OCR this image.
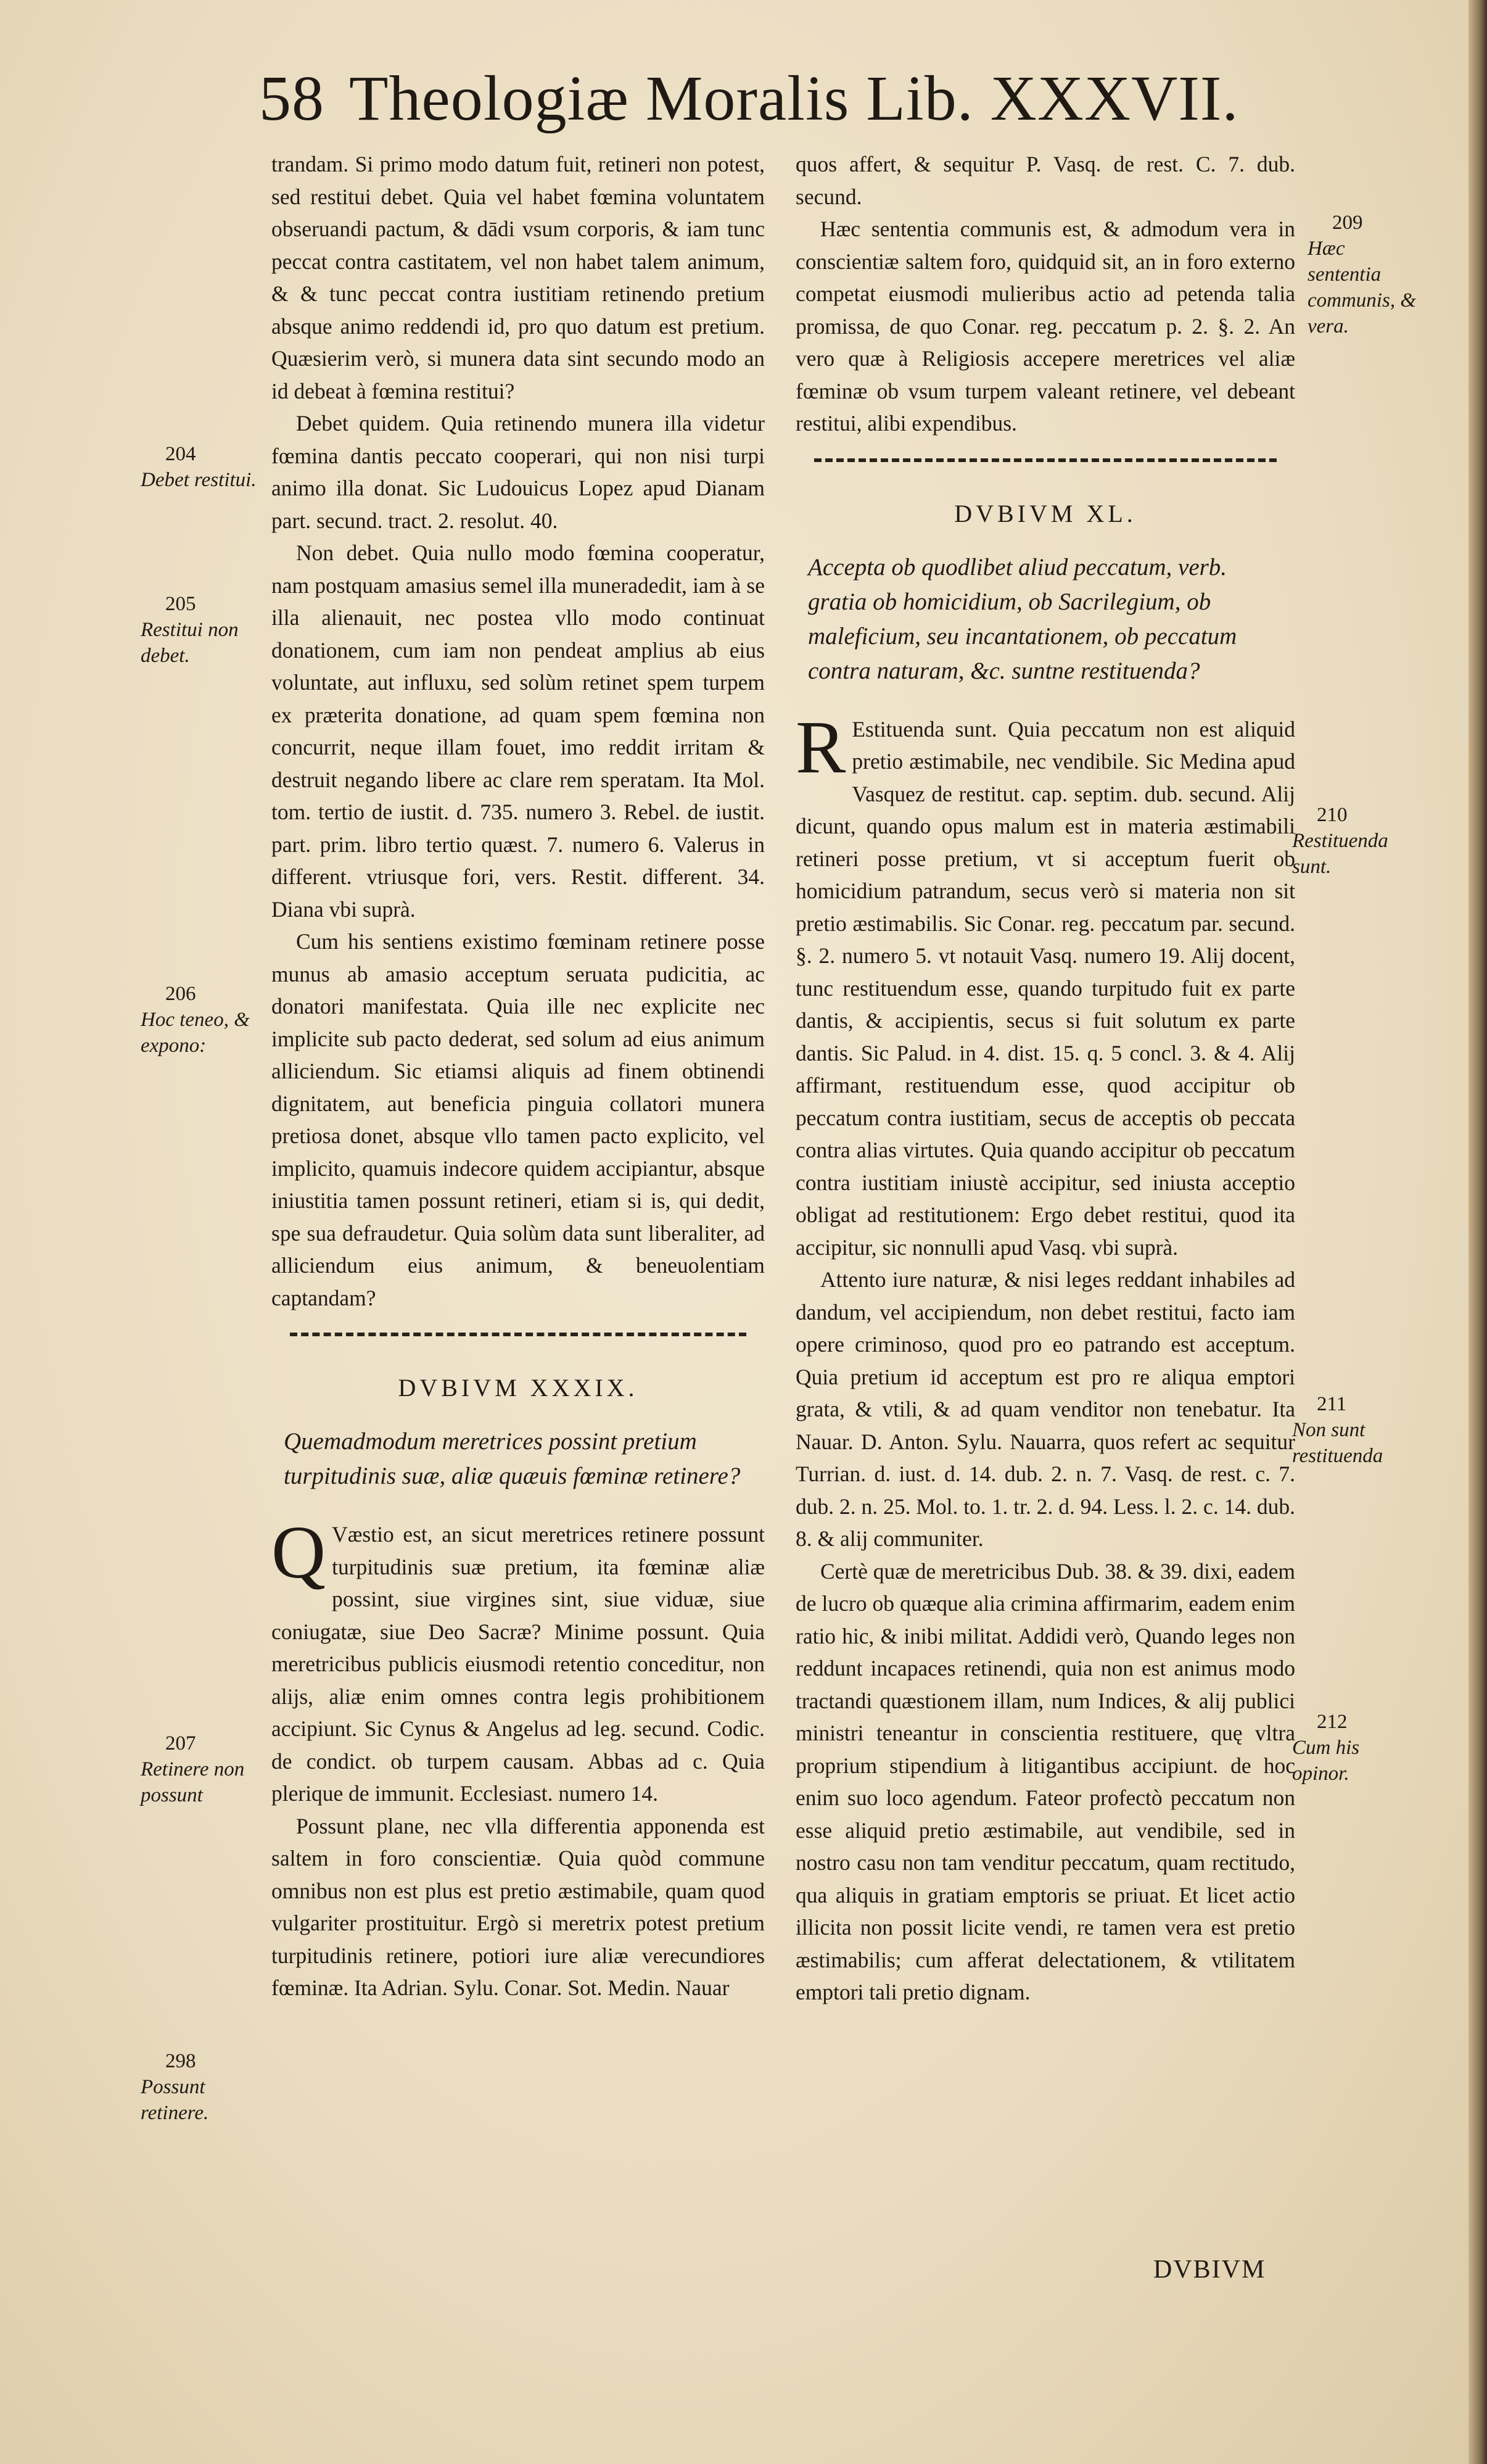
58 Theologiæ Moralis Lib. XXXVII.
204
Debet restitui.
205
Restitui non debet.
206
Hoc teneo, & expono:
207
Retinere non possunt
298
Possunt retinere.

trandam. Si primo modo datum fuit, retineri non potest, sed restitui debet. Quia vel habet fœmina voluntatem obseruandi pactum, & dādi vsum corporis, & iam tunc peccat contra castitatem, vel non habet talem animum, & & tunc peccat contra iustitiam retinendo pretium absque animo reddendi id, pro quo datum est pretium. Quæsierim verò, si munera data sint secundo modo an id debeat à fœmina restitui?

Debet quidem. Quia retinendo munera illa videtur fœmina dantis peccato cooperari, qui non nisi turpi animo illa donat. Sic Ludouicus Lopez apud Dianam part. secund. tract. 2. resolut. 40.

Non debet. Quia nullo modo fœmina cooperatur, nam postquam amasius semel illa muneradedit, iam à se illa alienauit, nec postea vllo modo continuat donationem, cum iam non pendeat amplius ab eius voluntate, aut influxu, sed solùm retinet spem turpem ex præterita donatione, ad quam spem fœmina non concurrit, neque illam fouet, imo reddit irritam & destruit negando libere ac clare rem speratam. Ita Mol. tom. tertio de iustit. d. 735. numero 3. Rebel. de iustit. part. prim. libro tertio quæst. 7. numero 6. Valerus in different. vtriusque fori, vers. Restit. different. 34. Diana vbi suprà.

Cum his sentiens existimo fœminam retinere posse munus ab amasio acceptum seruata pudicitia, ac donatori manifestata. Quia ille nec explicite nec implicite sub pacto dederat, sed solum ad eius animum alliciendum. Sic etiamsi aliquis ad finem obtinendi dignitatem, aut beneficia pinguia collatori munera pretiosa donet, absque vllo tamen pacto explicito, vel implicito, quamuis indecore quidem accipiantur, absque iniustitia tamen possunt retineri, etiam si is, qui dedit, spe sua defraudetur. Quia solùm data sunt liberaliter, ad alliciendum eius animum, & beneuolentiam captandam?

DVBIVM XXXIX.
Quemadmodum meretrices possint pretium turpitudinis suæ, aliæ quæuis fœminæ retinere?
Q Væstio est, an sicut meretrices retinere possunt turpitudinis suæ pretium, ita fœminæ aliæ possint, siue virgines sint, siue viduæ, siue coniugatæ, siue Deo Sacræ? Minime possunt. Quia meretricibus publicis eiusmodi retentio conceditur, non alijs, aliæ enim omnes contra legis prohibitionem accipiunt. Sic Cynus & Angelus ad leg. secund. Codic. de condict. ob turpem causam. Abbas ad c. Quia plerique de immunit. Ecclesiast. numero 14.

Possunt plane, nec vlla differentia apponenda est saltem in foro conscientiæ. Quia quòd commune omnibus non est plus est pretio æstimabile, quam quod vulgariter prostituitur. Ergò si meretrix potest pretium turpitudinis retinere, potiori iure aliæ verecundiores fœminæ. Ita Adrian. Sylu. Conar. Sot. Medin. Nauar

quos affert, & sequitur P. Vasq. de rest. C. 7. dub. secund.

Hæc sententia communis est, & admodum vera in conscientiæ saltem foro, quidquid sit, an in foro externo competat eiusmodi mulieribus actio ad petenda talia promissa, de quo Conar. reg. peccatum p. 2. §. 2. An vero quæ à Religiosis accepere meretrices vel aliæ fœminæ ob vsum turpem valeant retinere, vel debeant restitui, alibi expendibus.

DVBIVM XL.
Accepta ob quodlibet aliud peccatum, verb. gratia ob homicidium, ob Sacrilegium, ob maleficium, seu incantationem, ob peccatum contra naturam, &c. suntne restituenda?
R Estituenda sunt. Quia peccatum non est aliquid pretio æstimabile, nec vendibile. Sic Medina apud Vasquez de restitut. cap. septim. dub. secund. Alij dicunt, quando opus malum est in materia æstimabili retineri posse pretium, vt si acceptum fuerit ob homicidium patrandum, secus verò si materia non sit pretio æstimabilis. Sic Conar. reg. peccatum par. secund. §. 2. numero 5. vt notauit Vasq. numero 19. Alij docent, tunc restituendum esse, quando turpitudo fuit ex parte dantis, & accipientis, secus si fuit solutum ex parte dantis. Sic Palud. in 4. dist. 15. q. 5 concl. 3. & 4. Alij affirmant, restituendum esse, quod accipitur ob peccatum contra iustitiam, secus de acceptis ob peccata contra alias virtutes. Quia quando accipitur ob peccatum contra iustitiam iniustè accipitur, sed iniusta acceptio obligat ad restitutionem: Ergo debet restitui, quod ita accipitur, sic nonnulli apud Vasq. vbi suprà.

Attento iure naturæ, & nisi leges reddant inhabiles ad dandum, vel accipiendum, non debet restitui, facto iam opere criminoso, quod pro eo patrando est acceptum. Quia pretium id acceptum est pro re aliqua emptori grata, & vtili, & ad quam venditor non tenebatur. Ita Nauar. D. Anton. Sylu. Nauarra, quos refert ac sequitur Turrian. d. iust. d. 14. dub. 2. n. 7. Vasq. de rest. c. 7. dub. 2. n. 25. Mol. to. 1. tr. 2. d. 94. Less. l. 2. c. 14. dub. 8. & alij communiter.

Certè quæ de meretricibus Dub. 38. & 39. dixi, eadem de lucro ob quæque alia crimina affirmarim, eadem enim ratio hic, & inibi militat. Addidi verò, Quando leges non reddunt incapaces retinendi, quia non est animus modo tractandi quæstionem illam, num Indices, & alij publici ministri teneantur in conscientia restituere, quę vltra proprium stipendium à litigantibus accipiunt. de hoc enim suo loco agendum. Fateor profectò peccatum non esse aliquid pretio æstimabile, aut vendibile, sed in nostro casu non tam venditur peccatum, quam rectitudo, qua aliquis in gratiam emptoris se priuat. Et licet actio illicita non possit licite vendi, re tamen vera est pretio æstimabilis; cum afferat delectationem, & vtilitatem emptori tali pretio dignam.

209
Hæc sententia communis, & vera.
210
Restituenda sunt.
211
Non sunt restituenda
212
Cum his opinor.
DVBIVM
